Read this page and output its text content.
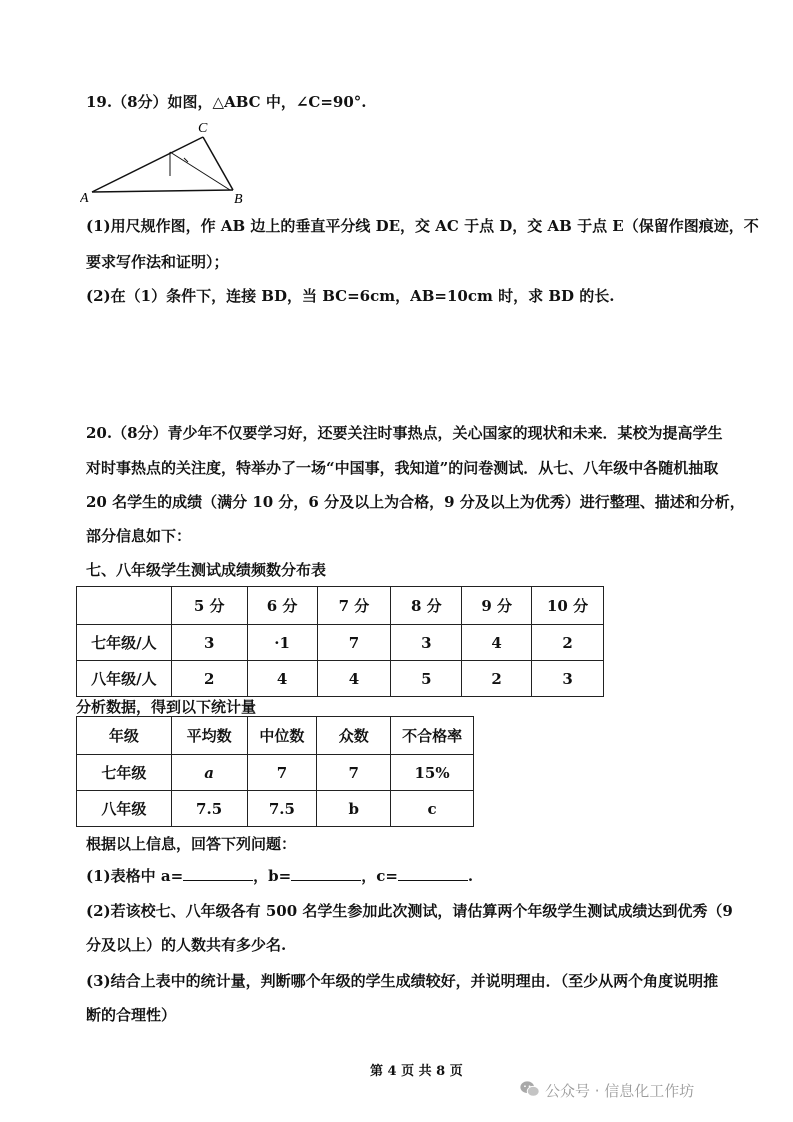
19.（8分）如图，△ABC 中，∠C=90°.
A	B
C
(1)用尺规作图，作 AB 边上的垂直平分线 DE，交 AC 于点 D，交 AB 于点 E（保留作图痕迹，不
要求写作法和证明）；
(2)在（1）条件下，连接 BD，当 BC=6cm，AB=10cm 时，求 BD 的长.
20.（8分）青少年不仅要学习好，还要关注时事热点，关心国家的现状和未来．某校为提高学生
对时事热点的关注度，特举办了一场“中国事，我知道”的问卷测试．从七、八年级中各随机抽取
20 名学生的成绩（满分 10 分，6 分及以上为合格，9 分及以上为优秀）进行整理、描述和分析，
部分信息如下：
七、八年级学生测试成绩频数分布表
	5 分	6 分	7 分	8 分	9 分	10 分
七年级/人	3	·1	7	3	4	2
八年级/人	2	4	4	5	2	3
分析数据，得到以下统计量
年级	平均数	中位数	众数	不合格率
七年级	a	7	7	15%
八年级	7.5	7.5	b	c
根据以上信息，回答下列问题：
(1)表格中 a=	，b=	，c=	.
(2)若该校七、八年级各有 500 名学生参加此次测试，请估算两个年级学生测试成绩达到优秀（9
分及以上）的人数共有多少名.
(3)结合上表中的统计量，判断哪个年级的学生成绩较好，并说明理由．（至少从两个角度说明推
断的合理性）
第 4 页 共 8 页
公众号 · 信息化工作坊
